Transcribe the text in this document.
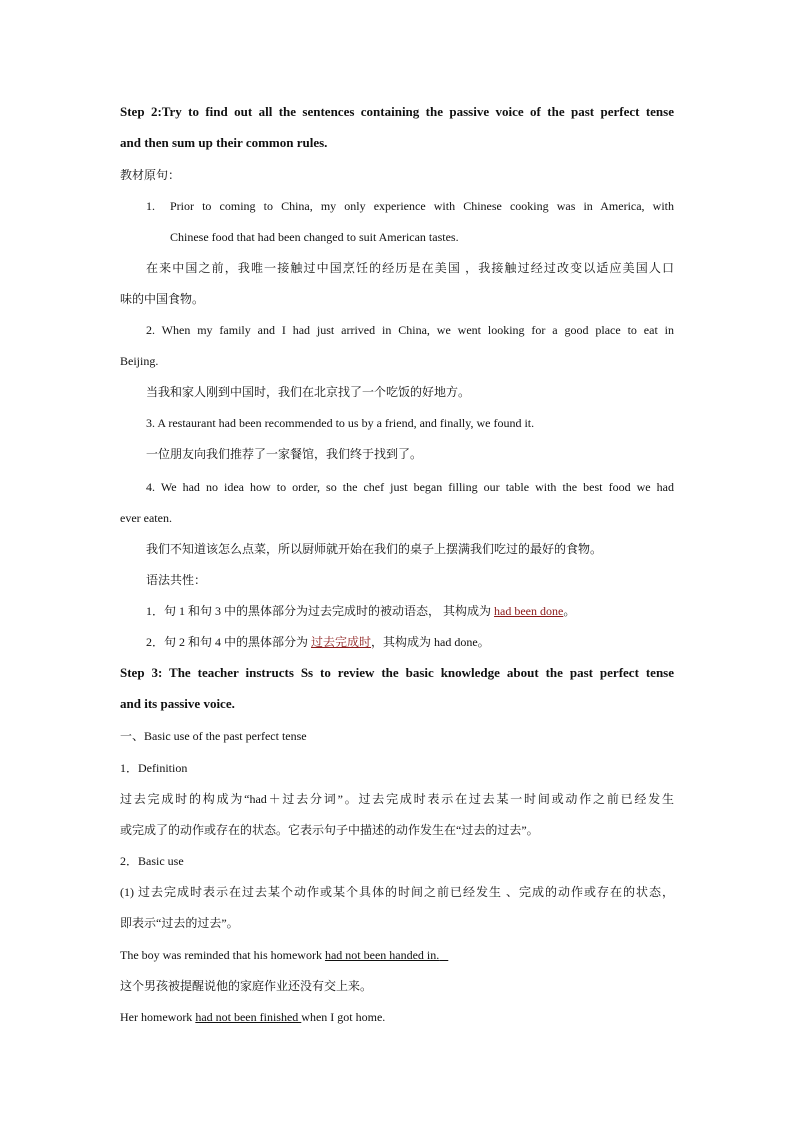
Step 2:Try to find out all the sentences containing the passive voice of the past perfect tense
and then sum up their common rules.
教材原句：
1. Prior to coming to China, my only experience with Chinese cooking was in America, with
Chinese food that had been changed to suit American tastes.
在来中国之前，我唯一接触过中国烹饪的经历是在美国 ，我接触过经过改变以适应美国人口
味的中国食物。
2. When my family and I had just arrived in China, we went looking for a good place to eat in
Beijing.
当我和家人刚到中国时，我们在北京找了一个吃饭的好地方。
3. A restaurant had been recommended to us by a friend, and finally, we found it.
一位朋友向我们推荐了一家餐馆，我们终于找到了。
4. We had no idea how to order, so the chef just began filling our table with the best food we had
ever eaten.
我们不知道该怎么点菜，所以厨师就开始在我们的桌子上摆满我们吃过的最好的食物。
语法共性：
1．句 1 和句 3 中的黑体部分为过去完成时的被动语态， 其构成为 had been done。
2．句 2 和句 4 中的黑体部分为 过去完成时，其构成为 had done。
Step 3: The teacher instructs Ss to review the basic knowledge about the past perfect tense
and its passive voice.
一、Basic use of the past perfect tense
1．Definition
过去完成时的构成为“had＋过去分词”。过去完成时表示在过去某一时间或动作之前已经发生
或完成了的动作或存在的状态。它表示句子中描述的动作发生在“过去的过去”。
2．Basic use
(1) 过去完成时表示在过去某个动作或某个具体的时间之前已经发生 、完成的动作或存在的状态，
即表示“过去的过去”。
The boy was reminded that his homework had not been handed in.
这个男孩被提醒说他的家庭作业还没有交上来。
Her homework had not been finished when I got home.
